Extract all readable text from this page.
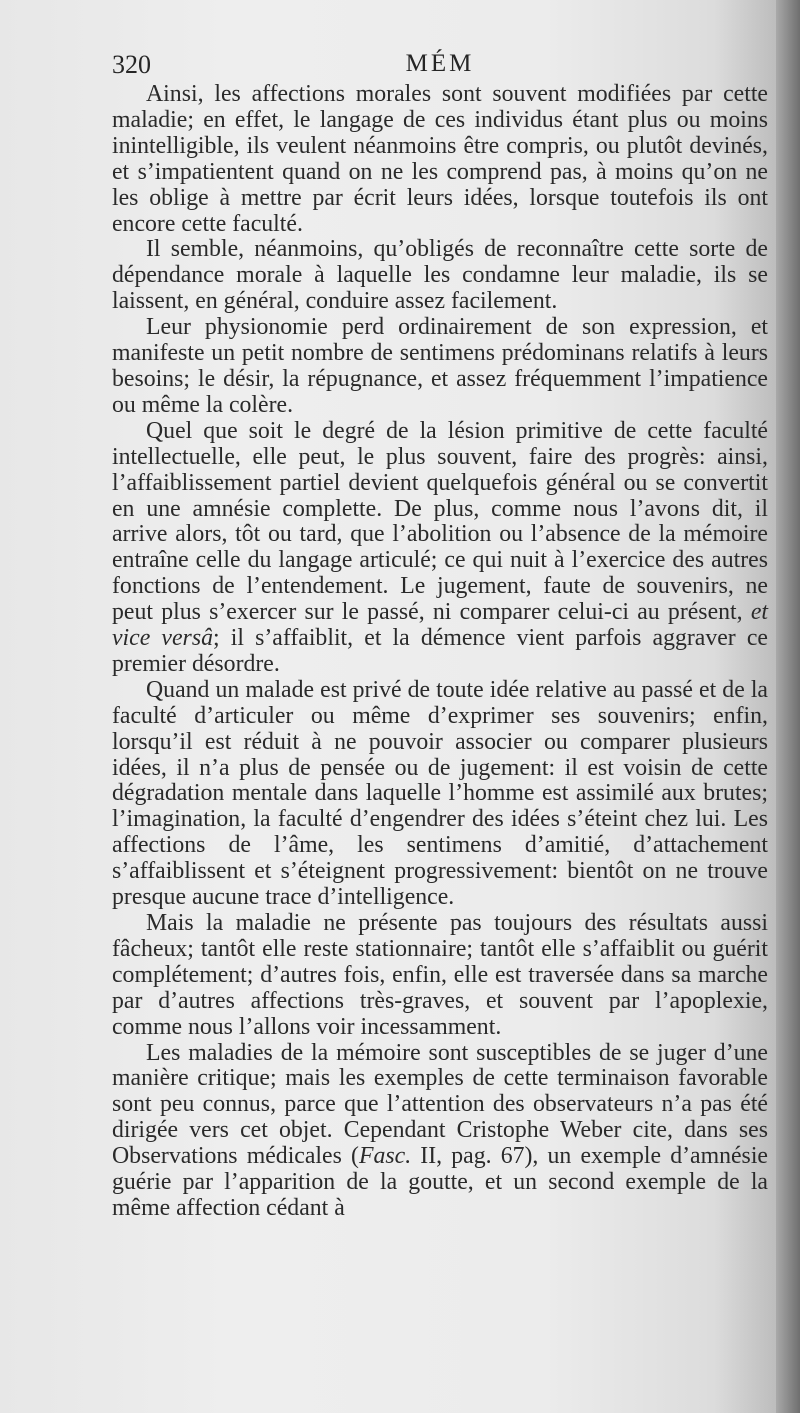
320	MÉM

Ainsi, les affections morales sont souvent modifiées par cette maladie; en effet, le langage de ces individus étant plus ou moins inintelligible, ils veulent néanmoins être compris, ou plutôt devinés, et s’impatientent quand on ne les comprend pas, à moins qu’on ne les oblige à mettre par écrit leurs idées, lorsque toutefois ils ont encore cette faculté.

Il semble, néanmoins, qu’obligés de reconnaître cette sorte de dépendance morale à laquelle les condamne leur maladie, ils se laissent, en général, conduire assez facilement.

Leur physionomie perd ordinairement de son expression, et manifeste un petit nombre de sentimens prédominans relatifs à leurs besoins; le désir, la répugnance, et assez fréquemment l’impatience ou même la colère.

Quel que soit le degré de la lésion primitive de cette faculté intellectuelle, elle peut, le plus souvent, faire des progrès: ainsi, l’affaiblissement partiel devient quelquefois général ou se convertit en une amnésie complette. De plus, comme nous l’avons dit, il arrive alors, tôt ou tard, que l’abolition ou l’absence de la mémoire entraîne celle du langage articulé; ce qui nuit à l’exercice des autres fonctions de l’entendement. Le jugement, faute de souvenirs, ne peut plus s’exercer sur le passé, ni comparer celui-ci au présent, et vice versâ; il s’affaiblit, et la démence vient parfois aggraver ce premier désordre.

Quand un malade est privé de toute idée relative au passé et de la faculté d’articuler ou même d’exprimer ses souvenirs; enfin, lorsqu’il est réduit à ne pouvoir associer ou comparer plusieurs idées, il n’a plus de pensée ou de jugement: il est voisin de cette dégradation mentale dans laquelle l’homme est assimilé aux brutes; l’imagination, la faculté d’engendrer des idées s’éteint chez lui. Les affections de l’âme, les sentimens d’amitié, d’attachement s’affaiblissent et s’éteignent progressivement: bientôt on ne trouve presque aucune trace d’intelligence.

Mais la maladie ne présente pas toujours des résultats aussi fâcheux; tantôt elle reste stationnaire; tantôt elle s’affaiblit ou guérit complétement; d’autres fois, enfin, elle est traversée dans sa marche par d’autres affections très-graves, et souvent par l’apoplexie, comme nous l’allons voir incessamment.

Les maladies de la mémoire sont susceptibles de se juger d’une manière critique; mais les exemples de cette terminaison favorable sont peu connus, parce que l’attention des observateurs n’a pas été dirigée vers cet objet. Cependant Cristophe Weber cite, dans ses Observations médicales (Fasc. II, pag. 67), un exemple d’amnésie guérie par l’apparition de la goutte, et un second exemple de la même affection cédant à
